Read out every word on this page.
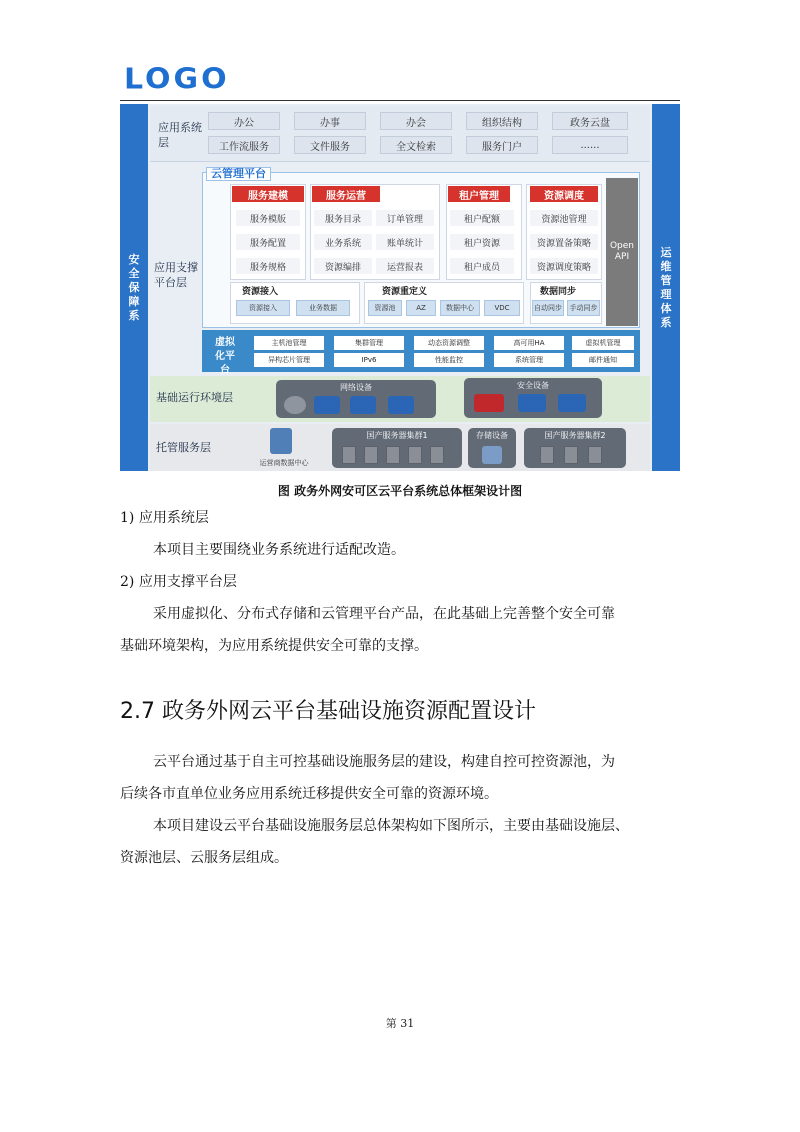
LOGO
安全保障系
运维管理体系
应用系统层
办公	办事	办会	组织结构	政务云盘
工作流服务	文件服务	全文检索	服务门户	......
应用支撑平台层
云管理平台
服务建模
服务模版
服务配置
服务规格
服务运营
服务目录	订单管理
业务系统	账单统计
资源编排	运营报表
租户管理
租户配额
租户资源
租户成员
资源调度
资源池管理
资源置备策略
资源调度策略
Open API
资源接入
资源接入	业务数据
资源重定义
资源池	AZ	数据中心	VDC
数据同步
自动同步	手动同步
虚拟化平台
主机池管理	集群管理	动态资源调整	高可用HA	虚拟机管理
异构芯片管理	IPv6	性能监控	系统管理	邮件通知
基础运行环境层
网络设备	安全设备
托管服务层
运营商数据中心
国产服务器集群1	存储设备	国产服务器集群2
图 政务外网安可区云平台系统总体框架设计图
1) 应用系统层
本项目主要围绕业务系统进行适配改造。
2) 应用支撑平台层
采用虚拟化、分布式存储和云管理平台产品，在此基础上完善整个安全可靠
基础环境架构，为应用系统提供安全可靠的支撑。
2.7 政务外网云平台基础设施资源配置设计
云平台通过基于自主可控基础设施服务层的建设，构建自控可控资源池，为
后续各市直单位业务应用系统迁移提供安全可靠的资源环境。
本项目建设云平台基础设施服务层总体架构如下图所示，主要由基础设施层、
资源池层、云服务层组成。
第 31
